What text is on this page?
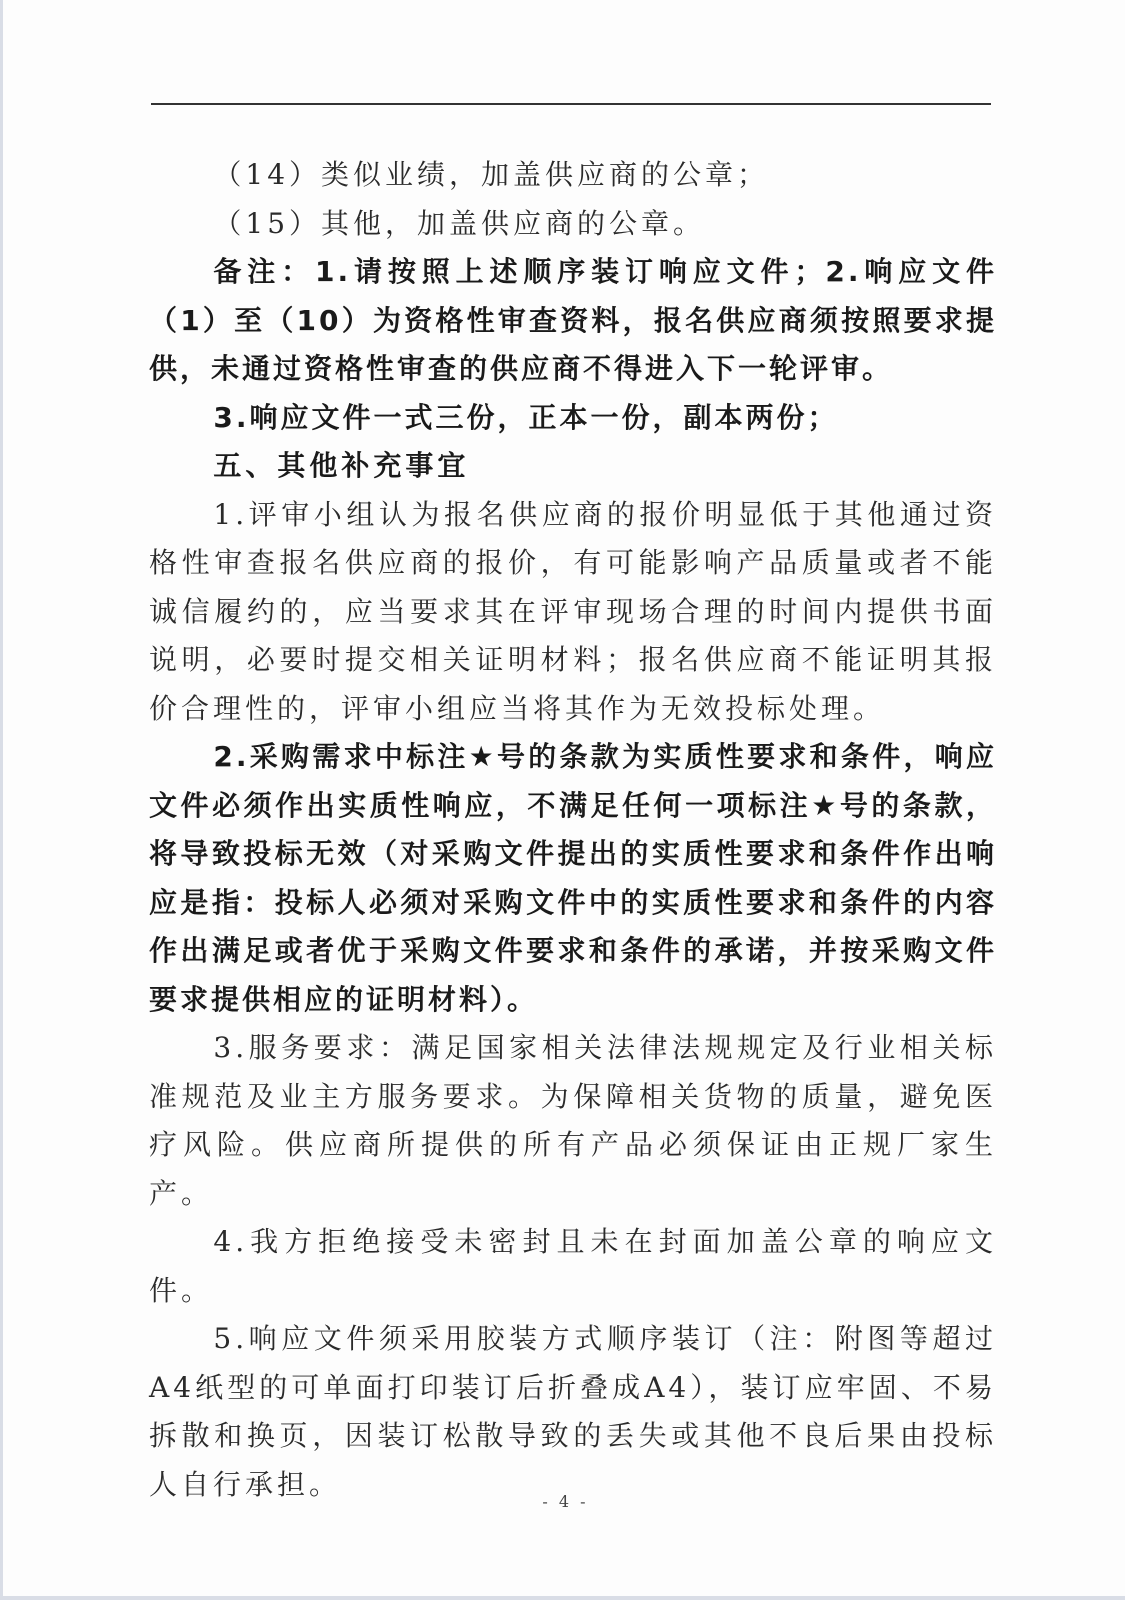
（14）类似业绩，加盖供应商的公章；

（15）其他，加盖供应商的公章。

备注：1.请按照上述顺序装订响应文件；2.响应文件（1）至（10）为资格性审查资料，报名供应商须按照要求提供，未通过资格性审查的供应商不得进入下一轮评审。

3.响应文件一式三份，正本一份，副本两份；

五、其他补充事宜

1.评审小组认为报名供应商的报价明显低于其他通过资格性审查报名供应商的报价，有可能影响产品质量或者不能诚信履约的，应当要求其在评审现场合理的时间内提供书面说明，必要时提交相关证明材料；报名供应商不能证明其报价合理性的，评审小组应当将其作为无效投标处理。

2.采购需求中标注★号的条款为实质性要求和条件，响应文件必须作出实质性响应，不满足任何一项标注★号的条款，将导致投标无效（对采购文件提出的实质性要求和条件作出响应是指：投标人必须对采购文件中的实质性要求和条件的内容作出满足或者优于采购文件要求和条件的承诺，并按采购文件要求提供相应的证明材料）。

3.服务要求：满足国家相关法律法规规定及行业相关标准规范及业主方服务要求。为保障相关货物的质量，避免医疗风险。供应商所提供的所有产品必须保证由正规厂家生产。

4.我方拒绝接受未密封且未在封面加盖公章的响应文件。

5.响应文件须采用胶装方式顺序装订（注：附图等超过A4纸型的可单面打印装订后折叠成A4），装订应牢固、不易拆散和换页，因装订松散导致的丢失或其他不良后果由投标人自行承担。

- 4 -
